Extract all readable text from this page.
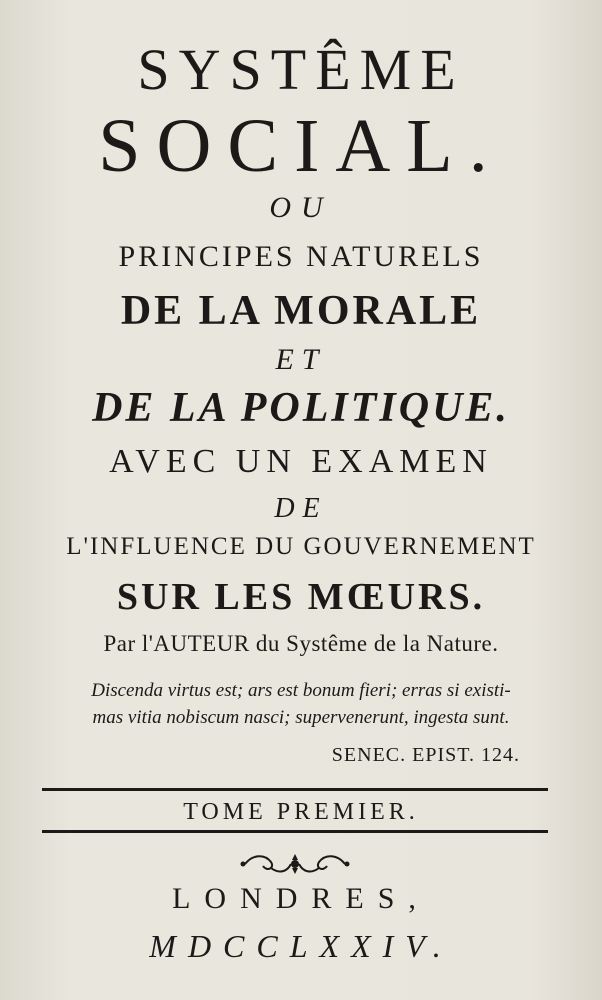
SYSTÊME
SOCIAL.
OU
PRINCIPES NATURELS
DE LA MORALE
ET
DE LA POLITIQUE.
AVEC UN EXAMEN
DE
L'INFLUENCE DU GOUVERNEMENT
SUR LES MŒURS.
Par l'AUTEUR du Systême de la Nature.
Discenda virtus est; ars est bonum fieri; erras si existi-
mas vitia nobiscum nasci; supervenerunt, ingesta sunt.
SENEC. EPIST. 124.
TOME PREMIER.
LONDRES,
MDCCLXXIV.
